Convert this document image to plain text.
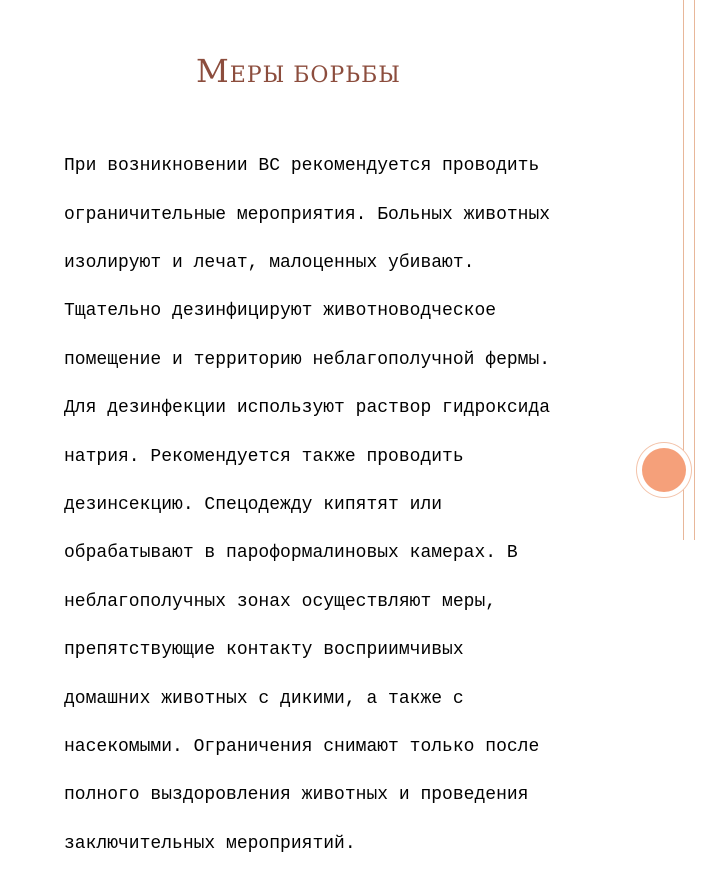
МЕРЫ БОРЬБЫ

При возникновении ВС рекомендуется проводить

ограничительные мероприятия. Больных животных

изолируют и лечат, малоценных убивают.

Тщательно дезинфицируют животноводческое

помещение и территорию неблагополучной фермы.

Для дезинфекции используют раствор гидроксида

натрия. Рекомендуется также проводить

дезинсекцию. Спецодежду кипятят или

обрабатывают в пароформалиновых камерах. В

неблагополучных зонах осуществляют меры,

препятствующие контакту восприимчивых

домашних животных с дикими, а также с

насекомыми. Ограничения снимают только после

полного выздоровления животных и проведения

заключительных мероприятий.
